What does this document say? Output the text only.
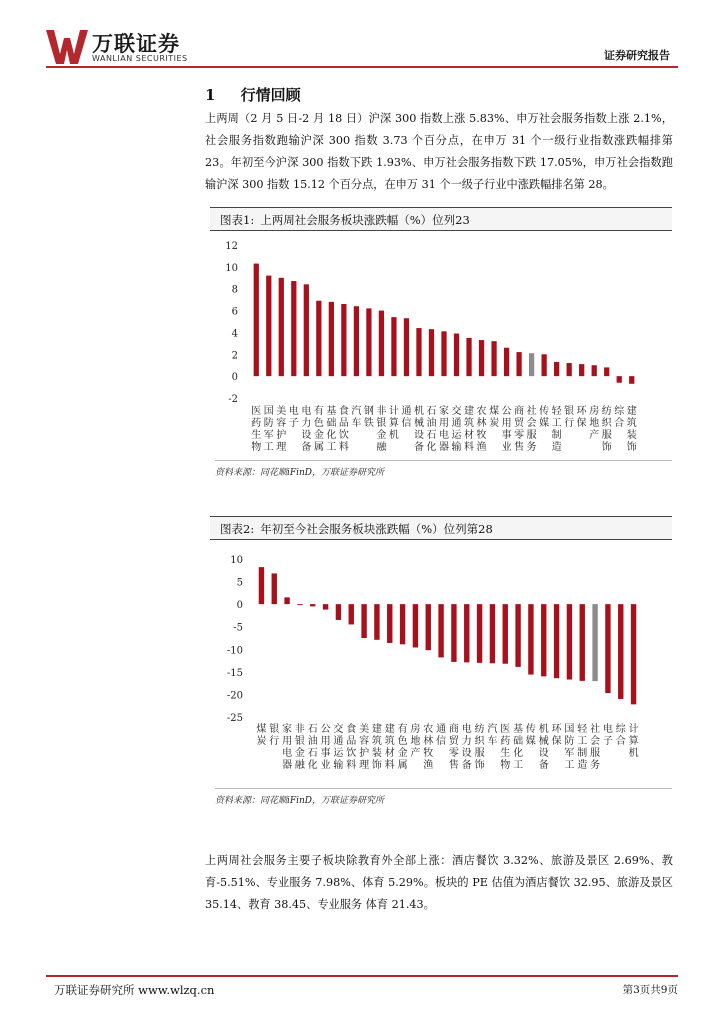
万联证券
WANLIAN SECURITIES	证券研究报告
1 行情回顾
上两周（2 月 5 日-2 月 18 日）沪深 300 指数上涨 5.83%、申万社会服务指数上涨 2.1%，社会服务指数跑输沪深 300 指数 3.73 个百分点，在申万 31 个一级行业指数涨跌幅排第 23。年初至今沪深 300 指数下跌 1.93%、申万社会服务指数下跌 17.05%，申万社会指数跑输沪深 300 指数 15.12 个百分点，在申万 31 个一级子行业中涨跌幅排名第 28。
图表1: 上两周社会服务板块涨跌幅（%）位列23
-2
0
2
4
6
8
10
12
医
药
生
物
国
防
军
工
美
容
护
理
电
子
电
力
设
备
有
色
金
属
基
础
化
工
食
品
饮
料
汽
车
钢
铁
非
银
金
融
计
算
机
通
信
机
械
设
备
石
油
石
化
家
用
电
器
交
通
运
输
建
筑
材
料
农
林
牧
渔
煤
炭
公
用
事
业
商
贸
零
售
社
会
服
务
传
媒
轻
工
制
造
银
行
环
保
房
地
产
纺
织
服
饰
综
合
建
筑
装
饰
资料来源：同花顺iFinD，万联证券研究所
图表2: 年初至今社会服务板块涨跌幅（%）位列第28
-25
-20
-15
-10
-5
0
5
10
煤
炭
银
行
家
用
电
器
非
银
金
融
石
油
石
化
公
用
事
业
交
通
运
输
食
品
饮
料
美
容
护
理
建
筑
装
饰
建
筑
材
料
有
色
金
属
房
地
产
农
林
牧
渔
通
信
商
贸
零
售
电
力
设
备
纺
织
服
饰
汽
车
医
药
生
物
基
础
化
工
传
媒
机
械
设
备
环
保
国
防
军
工
轻
工
制
造
社
会
服
务
电
子
综
合
计
算
机
资料来源：同花顺iFinD，万联证券研究所
上两周社会服务主要子板块除教育外全部上涨：酒店餐饮 3.32%、旅游及景区 2.69%、教育-5.51%、专业服务 7.98%、体育 5.29%。板块的 PE 估值为酒店餐饮 32.95、旅游及景区 35.14、教育 38.45、专业服务 体育 21.43。
万联证券研究所 www.wlzq.cn	第3页共9页
